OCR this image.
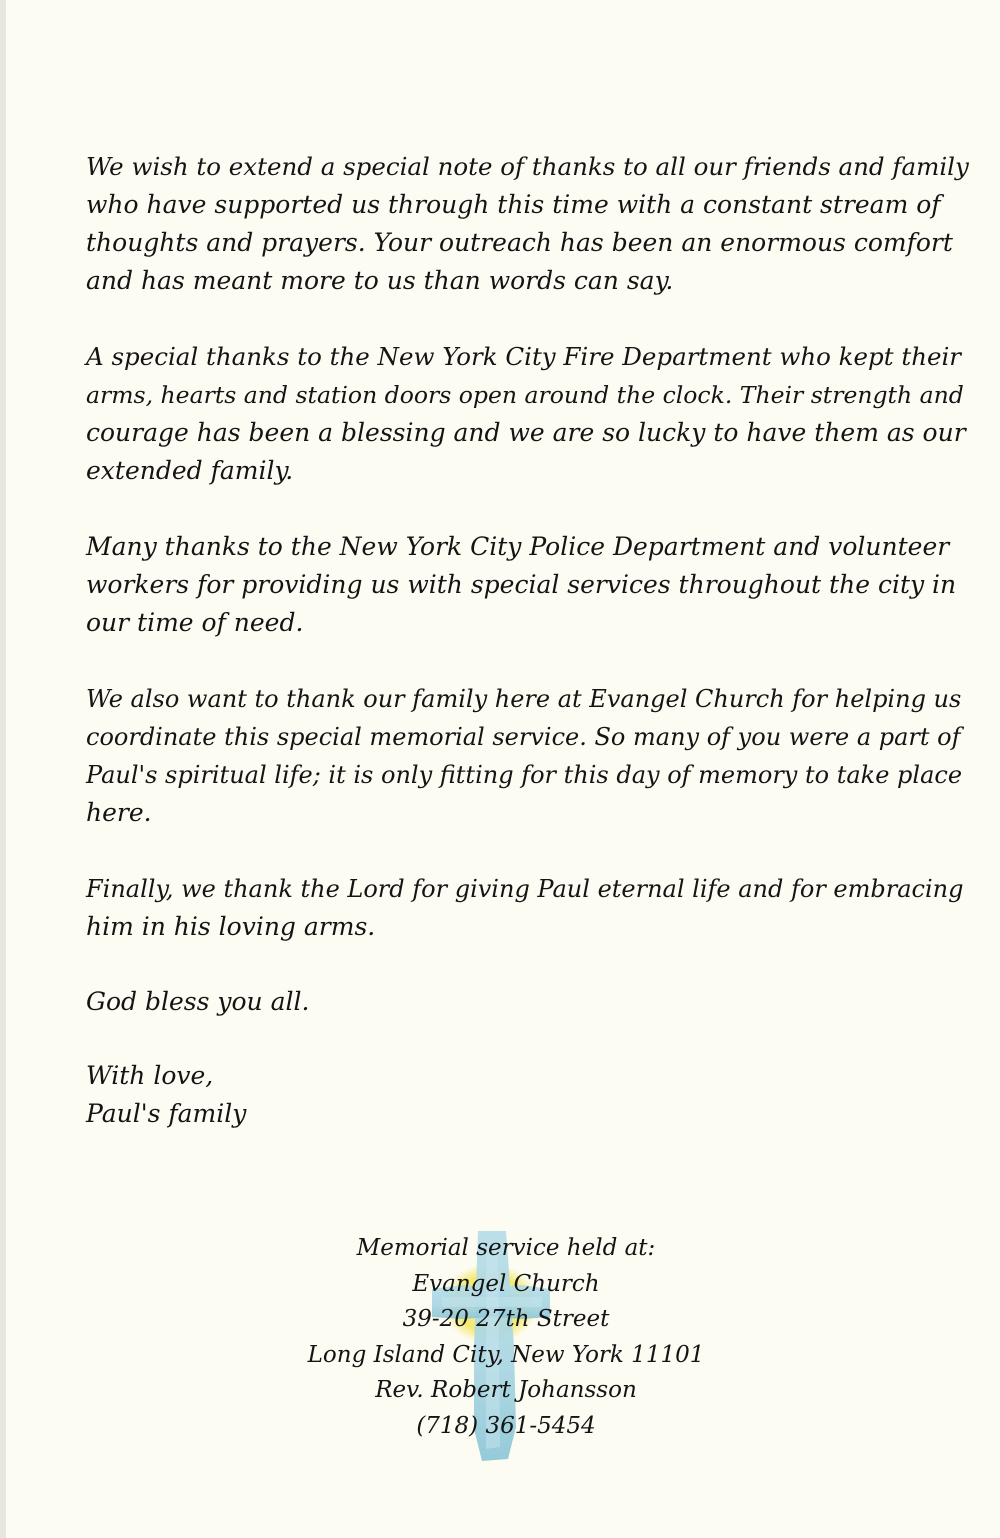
We wish to extend a special note of thanks to all our friends and family
who have supported us through this time with a constant stream of
thoughts and prayers. Your outreach has been an enormous comfort
and has meant more to us than words can say.

A special thanks to the New York City Fire Department who kept their
arms, hearts and station doors open around the clock. Their strength and
courage has been a blessing and we are so lucky to have them as our
extended family.

Many thanks to the New York City Police Department and volunteer
workers for providing us with special services throughout the city in
our time of need.

We also want to thank our family here at Evangel Church for helping us
coordinate this special memorial service. So many of you were a part of
Paul's spiritual life; it is only fitting for this day of memory to take place
here.

Finally, we thank the Lord for giving Paul eternal life and for embracing
him in his loving arms.

God bless you all.

With love,
Paul's family

Memorial service held at:
Evangel Church
39-20 27th Street
Long Island City, New York 11101
Rev. Robert Johansson
(718) 361-5454
